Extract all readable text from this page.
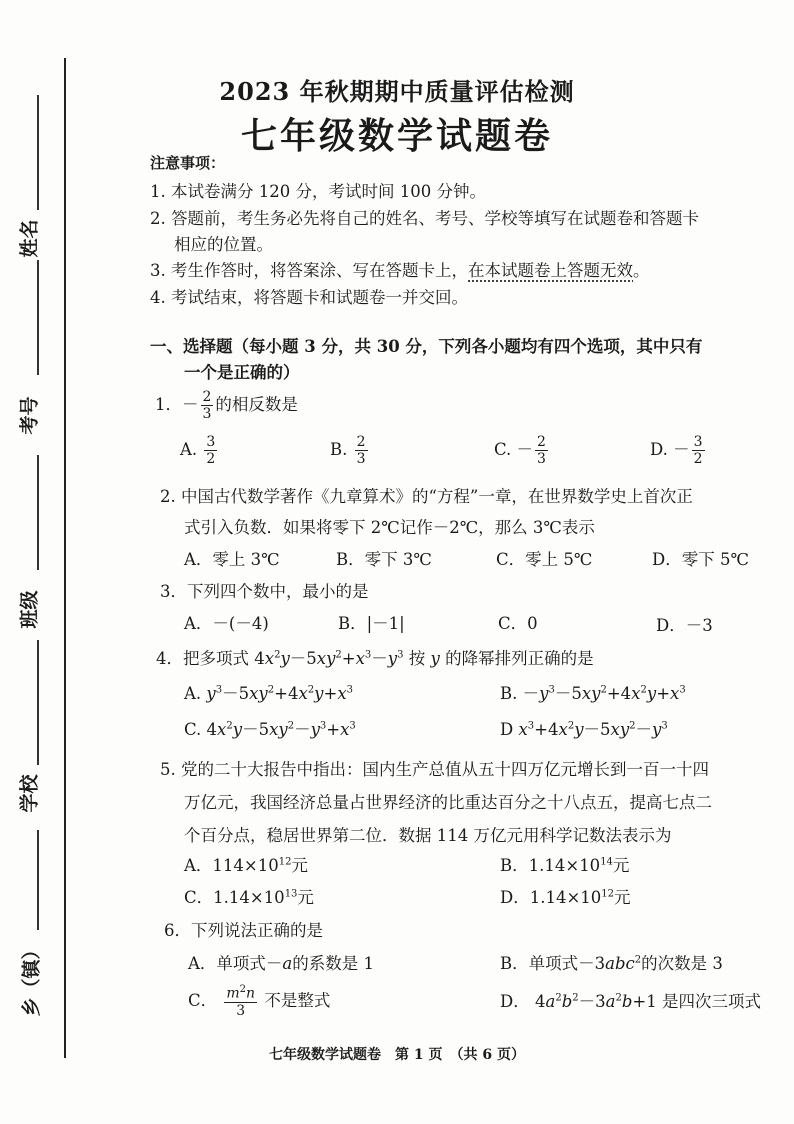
姓名
考号
班级
学校
乡（镇）
2023 年秋期期中质量评估检测
七年级数学试题卷
注意事项：
1. 本试卷满分 120 分，考试时间 100 分钟。
2. 答题前，考生务必先将自己的姓名、考号、学校等填写在试题卷和答题卡
相应的位置。
3. 考生作答时，将答案涂、写在答题卡上，在本试题卷上答题无效。
4. 考试结束，将答题卡和试题卷一并交回。
一、选择题（每小题 3 分，共 30 分，下列各小题均有四个选项，其中只有
一个是正确的）
1．－ $\frac{2}{3}$ 的相反数是
A. $\frac{3}{2}$	B. $\frac{2}{3}$	C. － $\frac{2}{3}$	D. － $\frac{3}{2}$
2. 中国古代数学著作《九章算术》的“方程”一章，在世界数学史上首次正
式引入负数．如果将零下 2℃记作－2℃，那么 3℃表示
A．零上 3℃	B．零下 3℃	C．零上 5℃	D．零下 5℃
3．下列四个数中，最小的是
A．－(－4)	B．|－1|	C．0	D．－3
4．把多项式 $4x^2y-5xy^2+x^3-y^3$ 按 y 的降幂排列正确的是
A. $y^3-5xy^2+4x^2y+x^3$	B. $-y^3-5xy^2+4x^2y+x^3$
C. $4x^2y-5xy^2-y^3+x^3$	D $x^3+4x^2y-5xy^2-y^3$
5. 党的二十大报告中指出：国内生产总值从五十四万亿元增长到一百一十四
万亿元，我国经济总量占世界经济的比重达百分之十八点五，提高七点二
个百分点，稳居世界第二位．数据 114 万亿元用科学记数法表示为
A．$114\times 10^{12}$元	B．$1.14\times 10^{14}$元
C．$1.14\times 10^{13}$元	D．$1.14\times 10^{12}$元
6．下列说法正确的是
A．单项式－a的系数是 1	B．单项式－3abc$^2$的次数是 3
C． $\frac{m^2n}{3}$ 不是整式	D． $4a^2b^2-3a^2b+1$ 是四次三项式
七年级数学试题卷　第 1 页　（共 6 页）
